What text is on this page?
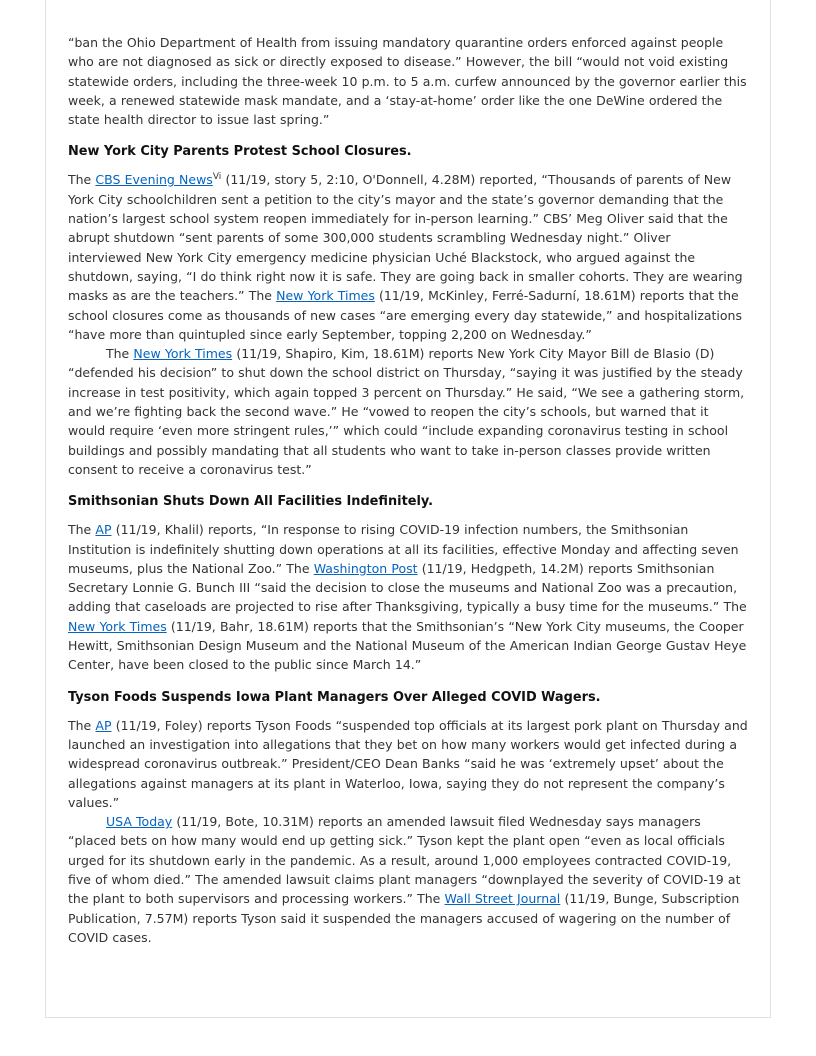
“ban the Ohio Department of Health from issuing mandatory quarantine orders enforced against people who are not diagnosed as sick or directly exposed to disease.” However, the bill “would not void existing statewide orders, including the three-week 10 p.m. to 5 a.m. curfew announced by the governor earlier this week, a renewed statewide mask mandate, and a ‘stay-at-home’ order like the one DeWine ordered the state health director to issue last spring.”

New York City Parents Protest School Closures.

The CBS Evening News$^{Vi}$ (11/19, story 5, 2:10, O'Donnell, 4.28M) reported, “Thousands of parents of New York City schoolchildren sent a petition to the city’s mayor and the state’s governor demanding that the nation’s largest school system reopen immediately for in-person learning.” CBS’ Meg Oliver said that the abrupt shutdown “sent parents of some 300,000 students scrambling Wednesday night.” Oliver interviewed New York City emergency medicine physician Uché Blackstock, who argued against the shutdown, saying, “I do think right now it is safe. They are going back in smaller cohorts. They are wearing masks as are the teachers.” The New York Times (11/19, McKinley, Ferré-Sadurní, 18.61M) reports that the school closures come as thousands of new cases “are emerging every day statewide,” and hospitalizations “have more than quintupled since early September, topping 2,200 on Wednesday.”

The New York Times (11/19, Shapiro, Kim, 18.61M) reports New York City Mayor Bill de Blasio (D) “defended his decision” to shut down the school district on Thursday, “saying it was justified by the steady increase in test positivity, which again topped 3 percent on Thursday.” He said, “We see a gathering storm, and we’re fighting back the second wave.” He “vowed to reopen the city’s schools, but warned that it would require ‘even more stringent rules,’” which could “include expanding coronavirus testing in school buildings and possibly mandating that all students who want to take in-person classes provide written consent to receive a coronavirus test.”

Smithsonian Shuts Down All Facilities Indefinitely.

The AP (11/19, Khalil) reports, “In response to rising COVID-19 infection numbers, the Smithsonian Institution is indefinitely shutting down operations at all its facilities, effective Monday and affecting seven museums, plus the National Zoo.” The Washington Post (11/19, Hedgpeth, 14.2M) reports Smithsonian Secretary Lonnie G. Bunch III “said the decision to close the museums and National Zoo was a precaution, adding that caseloads are projected to rise after Thanksgiving, typically a busy time for the museums.” The New York Times (11/19, Bahr, 18.61M) reports that the Smithsonian’s “New York City museums, the Cooper Hewitt, Smithsonian Design Museum and the National Museum of the American Indian George Gustav Heye Center, have been closed to the public since March 14.”

Tyson Foods Suspends Iowa Plant Managers Over Alleged COVID Wagers.

The AP (11/19, Foley) reports Tyson Foods “suspended top officials at its largest pork plant on Thursday and launched an investigation into allegations that they bet on how many workers would get infected during a widespread coronavirus outbreak.” President/CEO Dean Banks “said he was ‘extremely upset’ about the allegations against managers at its plant in Waterloo, Iowa, saying they do not represent the company’s values.”

USA Today (11/19, Bote, 10.31M) reports an amended lawsuit filed Wednesday says managers “placed bets on how many would end up getting sick.” Tyson kept the plant open “even as local officials urged for its shutdown early in the pandemic. As a result, around 1,000 employees contracted COVID-19, five of whom died.” The amended lawsuit claims plant managers “downplayed the severity of COVID-19 at the plant to both supervisors and processing workers.” The Wall Street Journal (11/19, Bunge, Subscription Publication, 7.57M) reports Tyson said it suspended the managers accused of wagering on the number of COVID cases.
